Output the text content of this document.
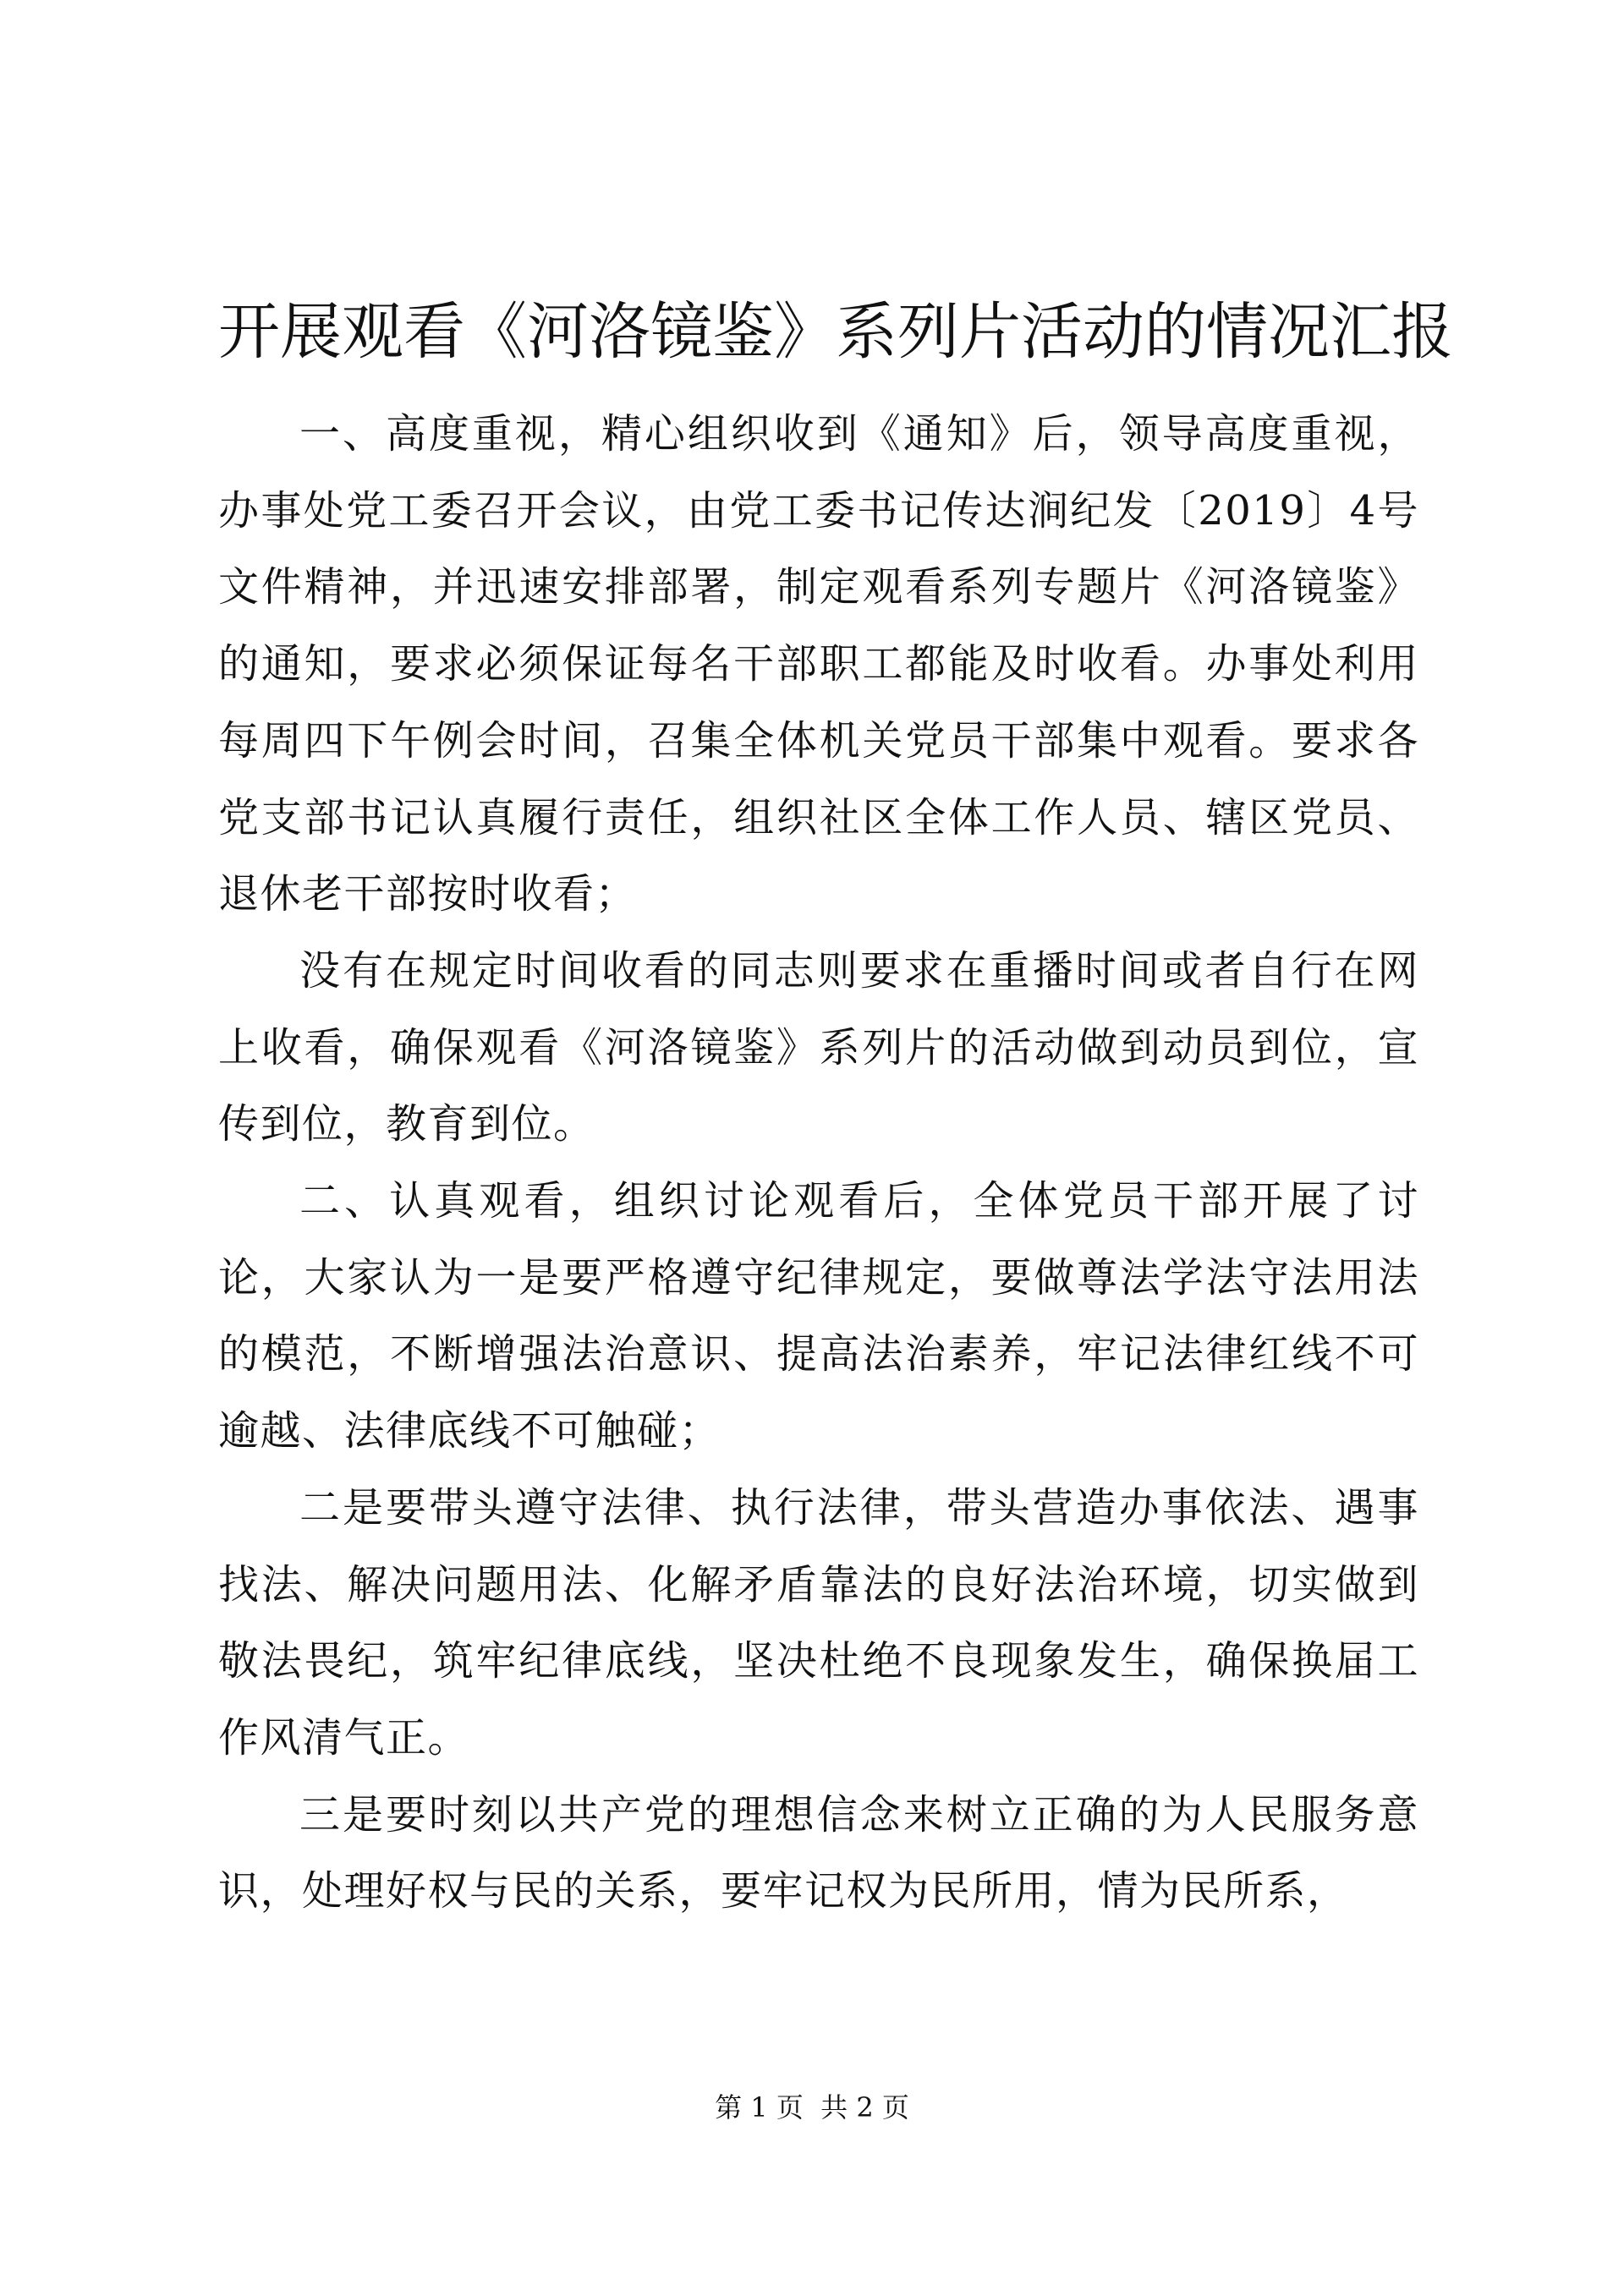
开展观看《河洛镜鉴》系列片活动的情况汇报

一、高度重视，精心组织收到《通知》后，领导高度重视，办事处党工委召开会议，由党工委书记传达涧纪发〔2019〕4号文件精神，并迅速安排部署，制定观看系列专题片《河洛镜鉴》的通知，要求必须保证每名干部职工都能及时收看。办事处利用每周四下午例会时间，召集全体机关党员干部集中观看。要求各党支部书记认真履行责任，组织社区全体工作人员、辖区党员、退休老干部按时收看；

没有在规定时间收看的同志则要求在重播时间或者自行在网上收看，确保观看《河洛镜鉴》系列片的活动做到动员到位，宣传到位，教育到位。

二、认真观看，组织讨论观看后，全体党员干部开展了讨论，大家认为一是要严格遵守纪律规定，要做尊法学法守法用法的模范，不断增强法治意识、提高法治素养，牢记法律红线不可逾越、法律底线不可触碰；

二是要带头遵守法律、执行法律，带头营造办事依法、遇事找法、解决问题用法、化解矛盾靠法的良好法治环境，切实做到敬法畏纪，筑牢纪律底线，坚决杜绝不良现象发生，确保换届工作风清气正。

三是要时刻以共产党的理想信念来树立正确的为人民服务意识，处理好权与民的关系，要牢记权为民所用，情为民所系，

第 1 页  共 2 页
